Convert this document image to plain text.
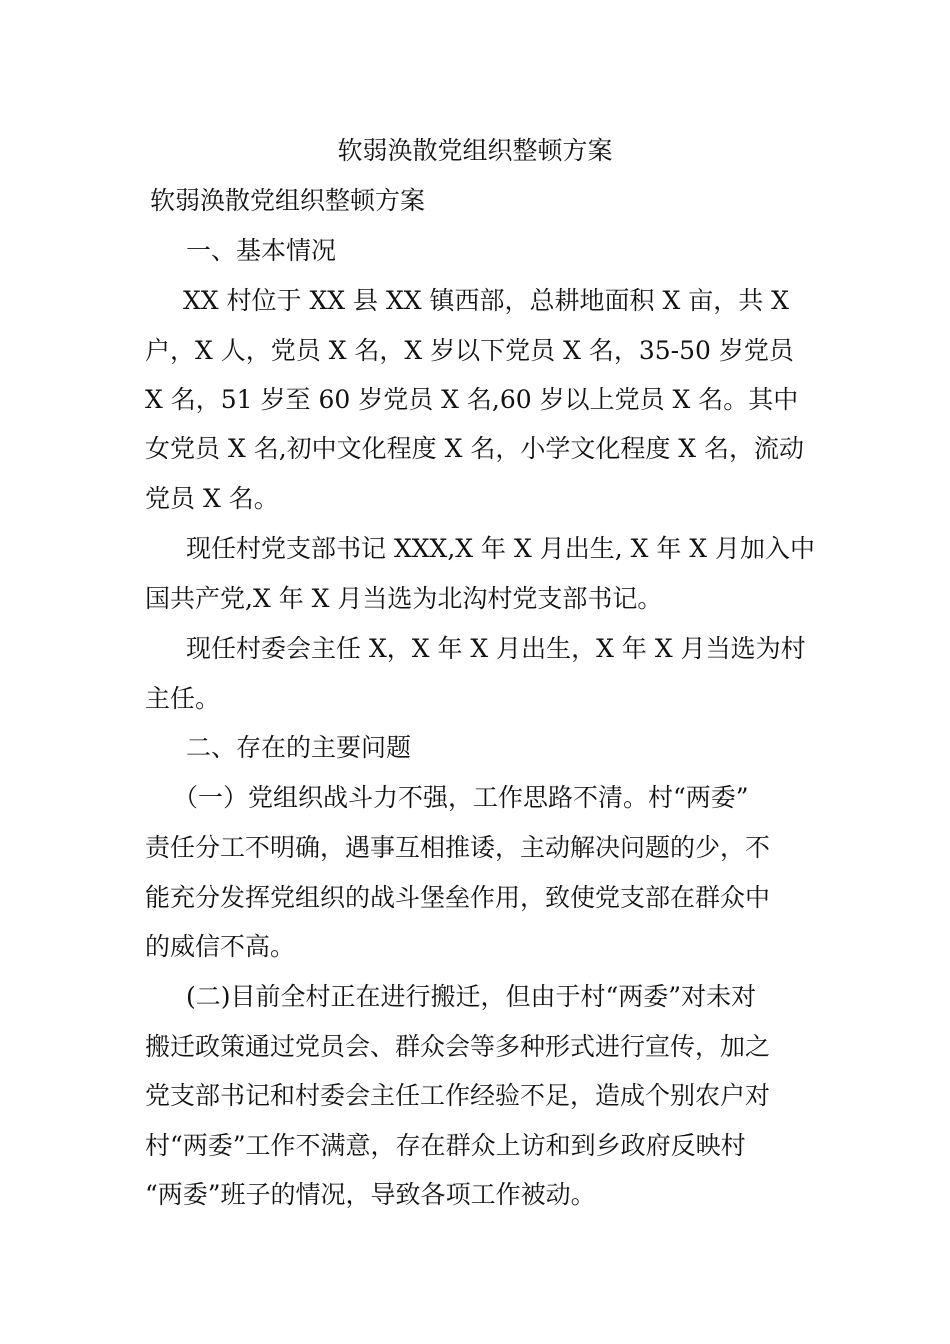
软弱涣散党组织整顿方案
软弱涣散党组织整顿方案
一、基本情况
XX 村位于 XX 县 XX 镇西部，总耕地面积 X 亩，共 X
户，X 人，党员 X 名，X 岁以下党员 X 名，35-50 岁党员
X 名，51 岁至 60 岁党员 X 名,60 岁以上党员 X 名。其中
女党员 X 名,初中文化程度 X 名，小学文化程度 X 名，流动
党员 X 名。
现任村党支部书记 XXX,X 年 X 月出生, X 年 X 月加入中
国共产党,X 年 X 月当选为北沟村党支部书记。
现任村委会主任 X，X 年 X 月出生，X 年 X 月当选为村
主任。
二、存在的主要问题
（一）党组织战斗力不强，工作思路不清。村“两委”
责任分工不明确，遇事互相推诿，主动解决问题的少，不
能充分发挥党组织的战斗堡垒作用，致使党支部在群众中
的威信不高。
(二)目前全村正在进行搬迁，但由于村“两委”对未对
搬迁政策通过党员会、群众会等多种形式进行宣传，加之
党支部书记和村委会主任工作经验不足，造成个别农户对
村“两委”工作不满意，存在群众上访和到乡政府反映村
“两委”班子的情况，导致各项工作被动。
